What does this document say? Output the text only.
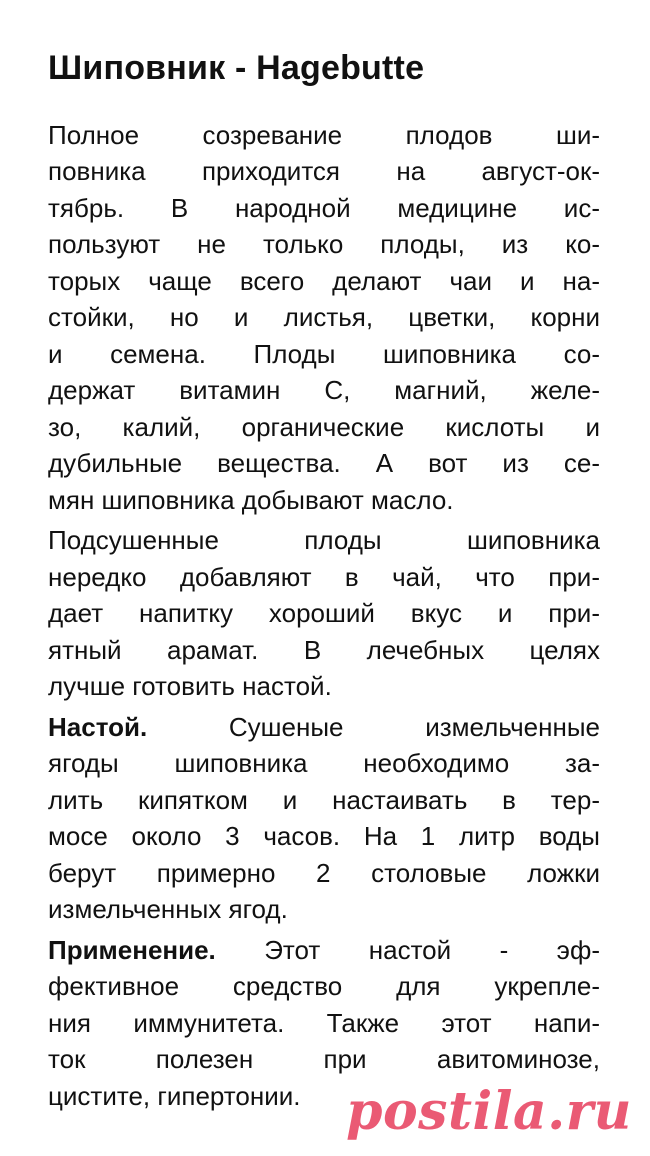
Шиповник - Hagebutte
Полное созревание плодов ши-
повника приходится на август-ок-
тябрь. В народной медицине ис-
пользуют не только плоды, из ко-
торых чаще всего делают чаи и на-
стойки, но и листья, цветки, корни
и семена. Плоды шиповника со-
держат витамин С, магний, желе-
зо, калий, органические кислоты и
дубильные вещества. А вот из се-
мян шиповника добывают масло.
Подсушенные плоды шиповника
нередко добавляют в чай, что при-
дает напитку хороший вкус и при-
ятный арамат. В лечебных целях
лучше готовить настой.
Настой.	Сушеные измельченные
ягоды шиповника необходимо за-
лить кипятком и настаивать в тер-
мосе около 3 часов. На 1 литр воды
берут примерно 2 столовые ложки
измельченных ягод.
Применение. Этот настой - эф-
фективное средство для укрепле-
ния иммунитета. Также этот напи-
ток полезен при авитоминозе,
цистите, гипертонии. postila.ru
